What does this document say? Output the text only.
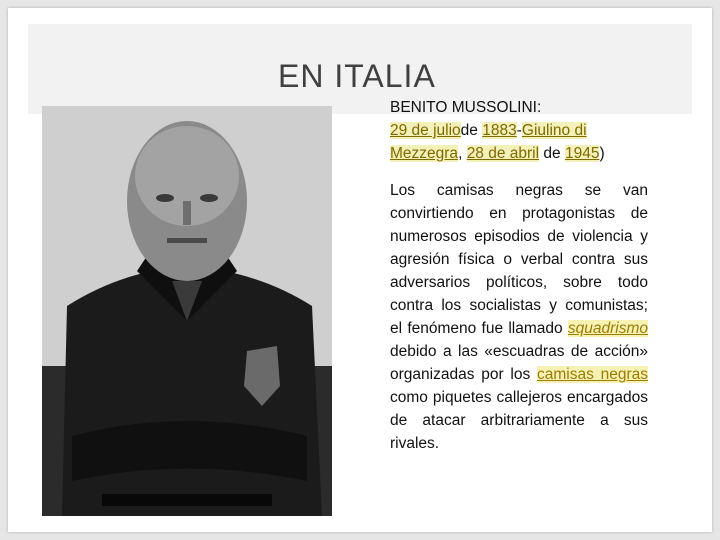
EN ITALIA
BENITO MUSSOLINI:
29 de juliode 1883-Giulino di Mezzegra, 28 de abril de 1945)
Los camisas negras se van convirtiendo en protagonistas de numerosos episodios de violencia y agresión física o verbal contra sus adversarios políticos, sobre todo contra los socialistas y comunistas; el fenómeno fue llamado squadrismo debido a las «escuadras de acción» organizadas por los camisas negras como piquetes callejeros encargados de atacar arbitrariamente a sus rivales.
